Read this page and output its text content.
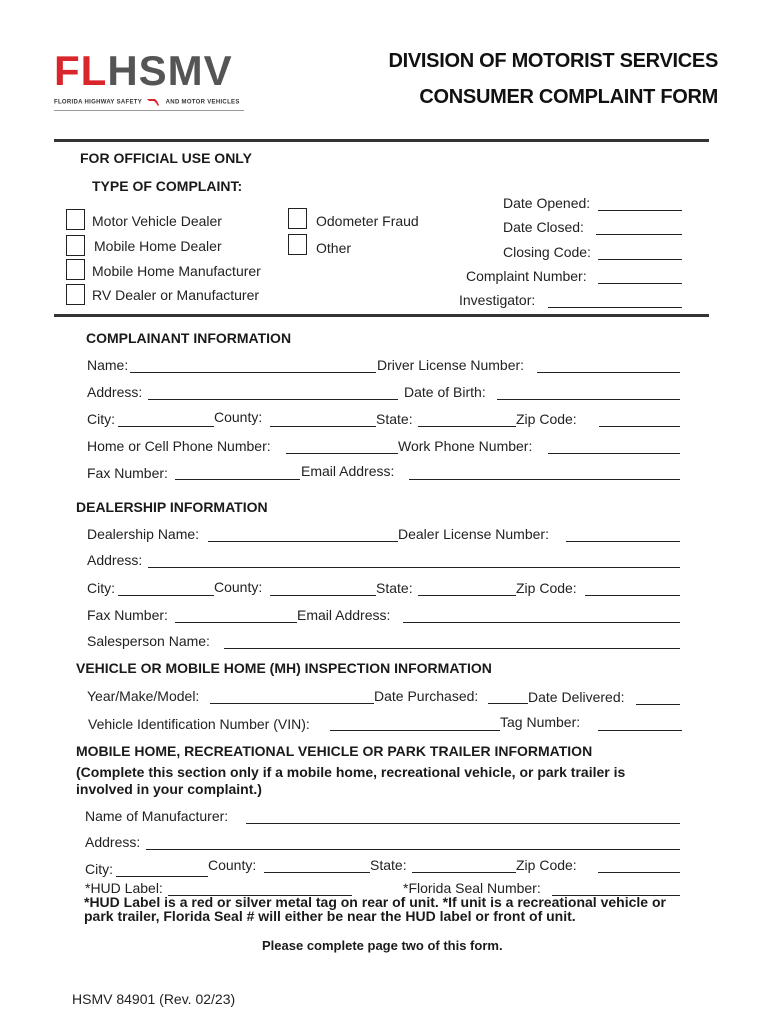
FLHSMV
FLORIDA HIGHWAY SAFETY	AND MOTOR VEHICLES
DIVISION OF MOTORIST SERVICES
CONSUMER COMPLAINT FORM
FOR OFFICIAL USE ONLY
TYPE OF COMPLAINT:
Motor Vehicle Dealer
Mobile Home Dealer
Mobile Home Manufacturer
RV Dealer or Manufacturer
Odometer Fraud
Other
Date Opened:
Date Closed:
Closing Code:
Complaint Number:
Investigator:
COMPLAINANT INFORMATION
Name:	Driver License Number:
Address:	Date of Birth:
City:	County:	State:	Zip Code:
Home or Cell Phone Number:	Work Phone Number:
Fax Number:	Email Address:
DEALERSHIP INFORMATION
Dealership Name:	Dealer License Number:
Address:
City:	County:	State:	Zip Code:
Fax Number:	Email Address:
Salesperson Name:
VEHICLE OR MOBILE HOME (MH) INSPECTION INFORMATION
Year/Make/Model:	Date Purchased:	Date Delivered:
Vehicle Identification Number (VIN):	Tag Number:
MOBILE HOME, RECREATIONAL VEHICLE OR PARK TRAILER INFORMATION
(Complete this section only if a mobile home, recreational vehicle, or park trailer is
involved in your complaint.)
Name of Manufacturer:
Address:
City:	County:	State:	Zip Code:
*HUD Label:	*Florida Seal Number:
*HUD Label is a red or silver metal tag on rear of unit. *If unit is a recreational vehicle or
park trailer, Florida Seal # will either be near the HUD label or front of unit.
Please complete page two of this form.
HSMV 84901 (Rev. 02/23)
